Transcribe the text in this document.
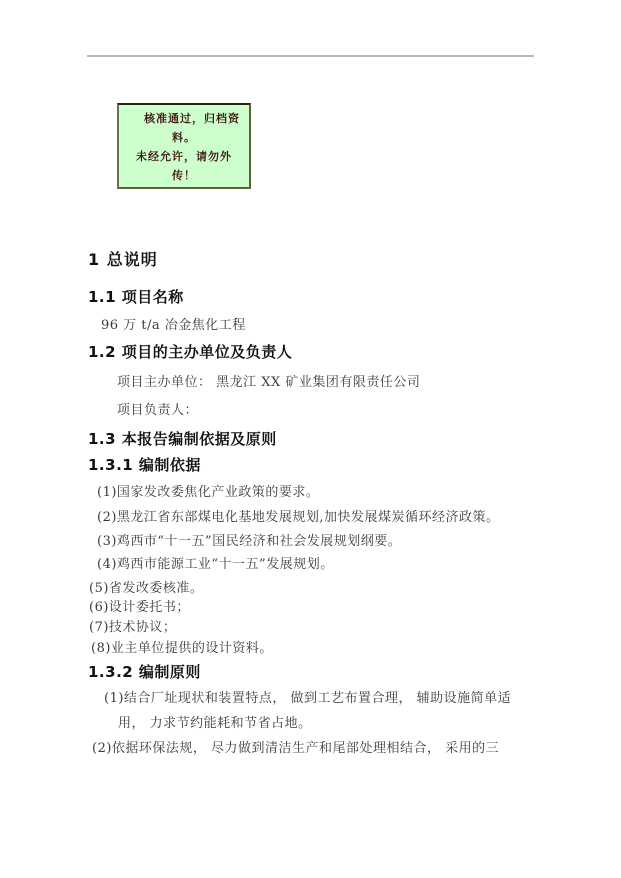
核准通过，归档资
料。
未经允许，请勿外
传！
1 总说明
1.1 项目名称
96 万 t/a 冶金焦化工程
1.2 项目的主办单位及负责人
项目主办单位： 黑龙江 XX 矿业集团有限责任公司
项目负责人：
1.3 本报告编制依据及原则
1.3.1 编制依据
(1)国家发改委焦化产业政策的要求。
(2)黑龙江省东部煤电化基地发展规划,加快发展煤炭循环经济政策。
(3)鸡西市“十一五”国民经济和社会发展规划纲要。
(4)鸡西市能源工业“十一五”发展规划。
(5)省发改委核准。
(6)设计委托书；
(7)技术协议；
(8)业主单位提供的设计资料。
1.3.2 编制原则
(1)结合厂址现状和装置特点， 做到工艺布置合理， 辅助设施简单适
用， 力求节约能耗和节省占地。
(2)依据环保法规， 尽力做到清洁生产和尾部处理相结合， 采用的三
